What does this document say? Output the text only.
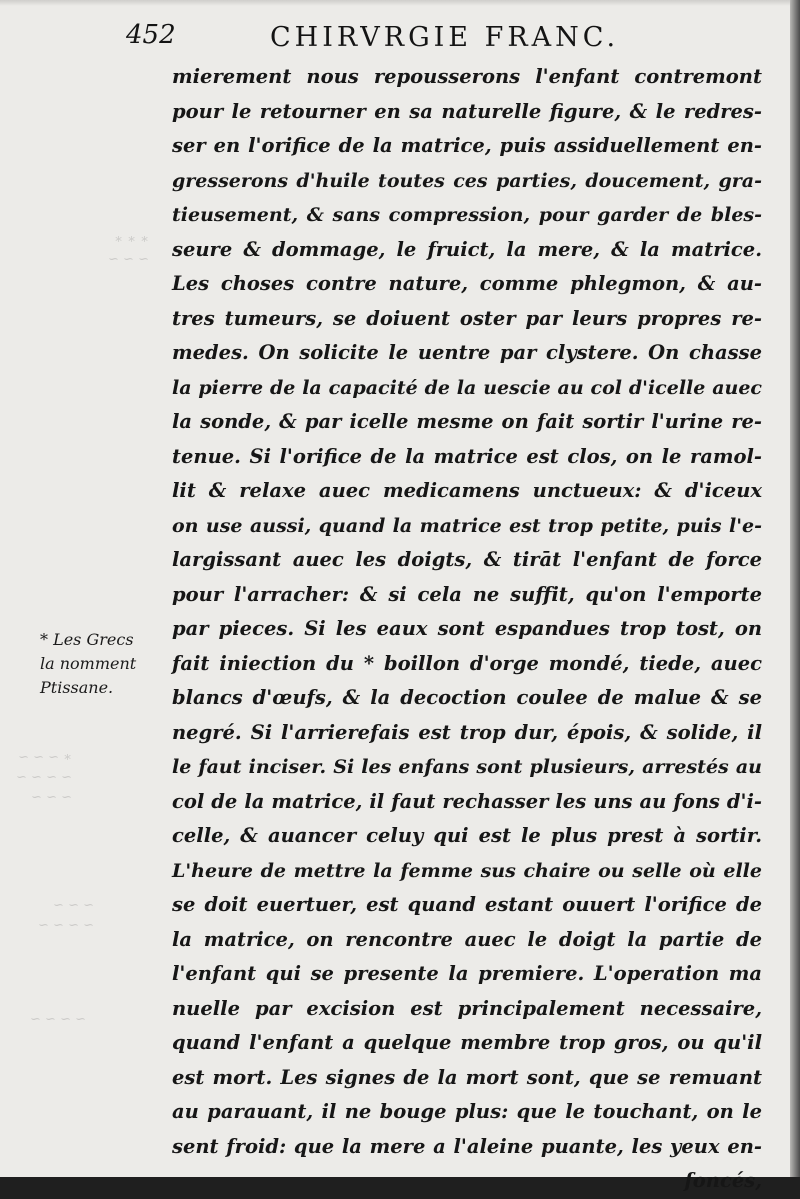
∗ ∗ ∗
~ ~ ~
∗ ~ ~ ~
~ ~ ~ ~
~ ~ ~
~ ~ ~
~ ~ ~ ~
~ ~ ~ ~
452	CHIRVRGIE FRANC.
mierement nous repousserons l'enfant contremont
pour le retourner en sa naturelle figure, & le redres-
ser en l'orifice de la matrice, puis assiduellement en-
gresserons d'huile toutes ces parties, doucement, gra-
tieusement, & sans compression, pour garder de bles-
seure & dommage, le fruict, la mere, & la matrice.
Les choses contre nature, comme phlegmon, & au-
tres tumeurs, se doiuent oster par leurs propres re-
medes. On solicite le uentre par clystere. On chasse
la pierre de la capacité de la uescie au col d'icelle auec
la sonde, & par icelle mesme on fait sortir l'urine re-
tenue. Si l'orifice de la matrice est clos, on le ramol-
lit & relaxe auec medicamens unctueux: & d'iceux
on use aussi, quand la matrice est trop petite, puis l'e-
largissant auec les doigts, & tirāt l'enfant de force
pour l'arracher: & si cela ne suffit, qu'on l'emporte
par pieces. Si les eaux sont espandues trop tost, on
fait iniection du * boillon d'orge mondé, tiede, auec
blancs d'œufs, & la decoction coulee de malue & se
negré. Si l'arrierefais est trop dur, épois, & solide, il
le faut inciser. Si les enfans sont plusieurs, arrestés au
col de la matrice, il faut rechasser les uns au fons d'i-
celle, & auancer celuy qui est le plus prest à sortir.
L'heure de mettre la femme sus chaire ou selle où elle
se doit euertuer, est quand estant ouuert l'orifice de
la matrice, on rencontre auec le doigt la partie de
l'enfant qui se presente la premiere. L'operation ma
nuelle par excision est principalement necessaire,
quand l'enfant a quelque membre trop gros, ou qu'il
est mort. Les signes de la mort sont, que se remuant
au parauant, il ne bouge plus: que le touchant, on le
sent froid: que la mere a l'aleine puante, les yeux en-
foncés,
* Les Grecs
la nomment
Ptissane.
